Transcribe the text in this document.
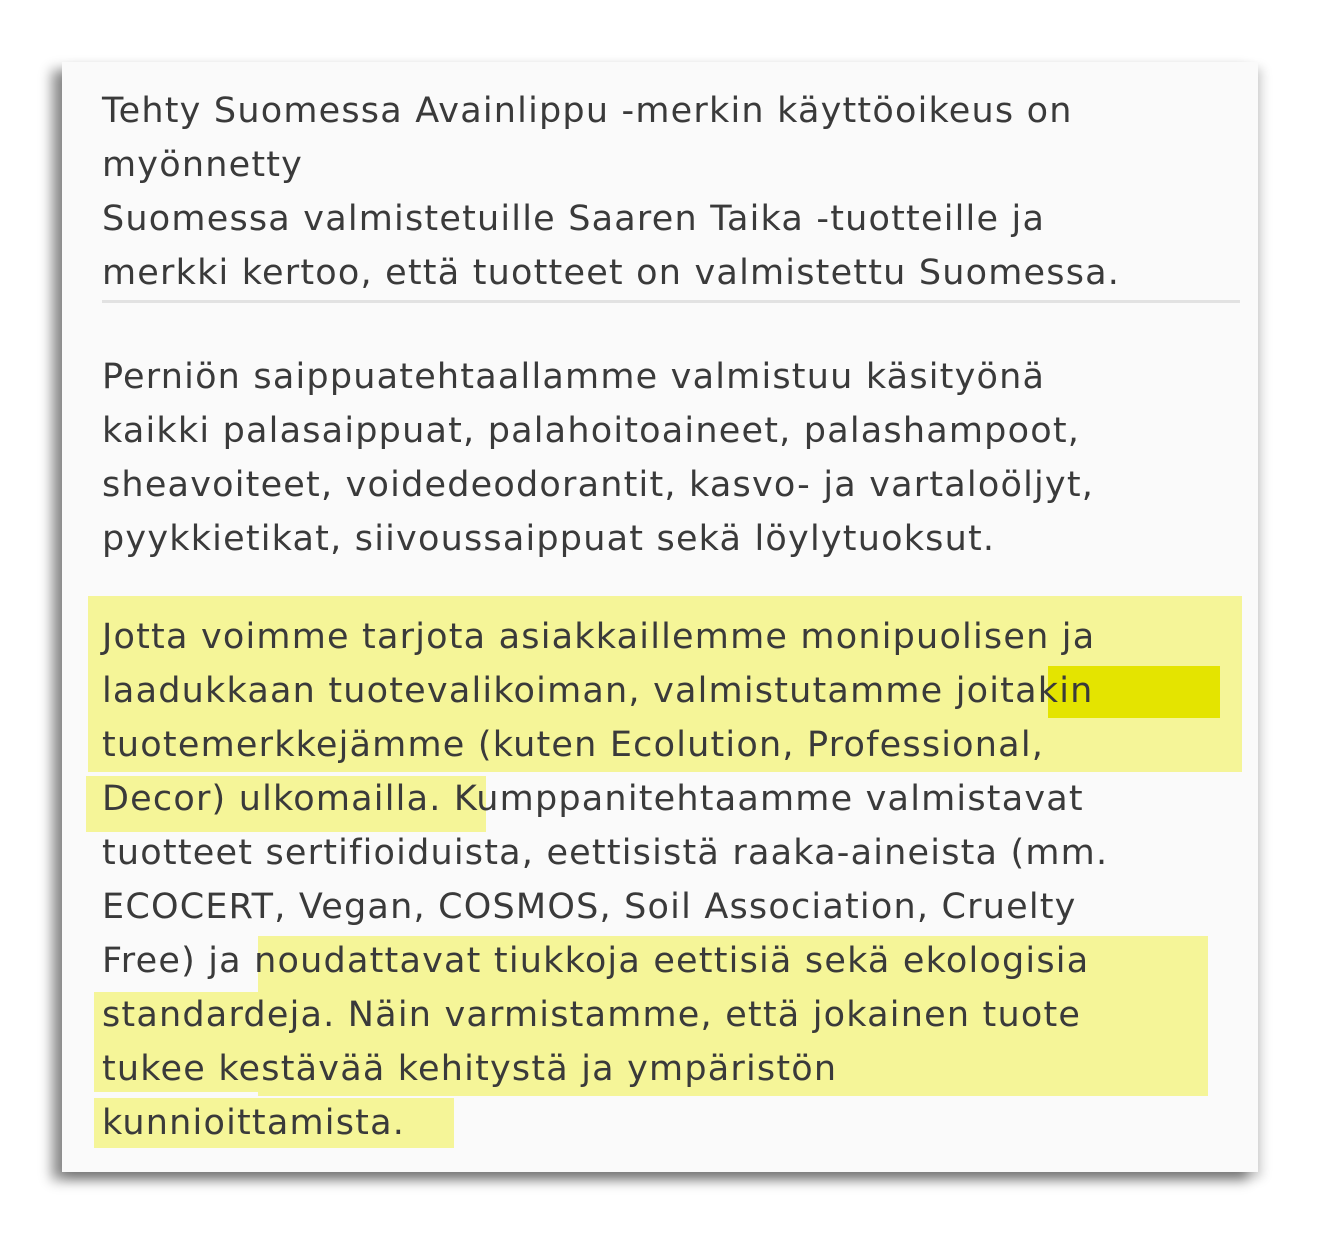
Tehty Suomessa Avainlippu -merkin käyttöoikeus on

myönnetty

Suomessa valmistetuille Saaren Taika -tuotteille ja

merkki kertoo, että tuotteet on valmistettu Suomessa.

Perniön saippuatehtaallamme valmistuu käsityönä

kaikki palasaippuat, palahoitoaineet, palashampoot,

sheavoiteet, voidedeodorantit, kasvo- ja vartaloöljyt,

pyykkietikat, siivoussaippuat sekä löylytuoksut.

Jotta voimme tarjota asiakkaillemme monipuolisen ja

laadukkaan tuotevalikoiman, valmistutamme joitakin

tuotemerkkejämme (kuten Ecolution, Professional,

Decor) ulkomailla. Kumppanitehtaamme valmistavat

tuotteet sertifioiduista, eettisistä raaka-aineista (mm.

ECOCERT, Vegan, COSMOS, Soil Association, Cruelty

Free) ja noudattavat tiukkoja eettisiä sekä ekologisia

standardeja. Näin varmistamme, että jokainen tuote

tukee kestävää kehitystä ja ympäristön

kunnioittamista.
